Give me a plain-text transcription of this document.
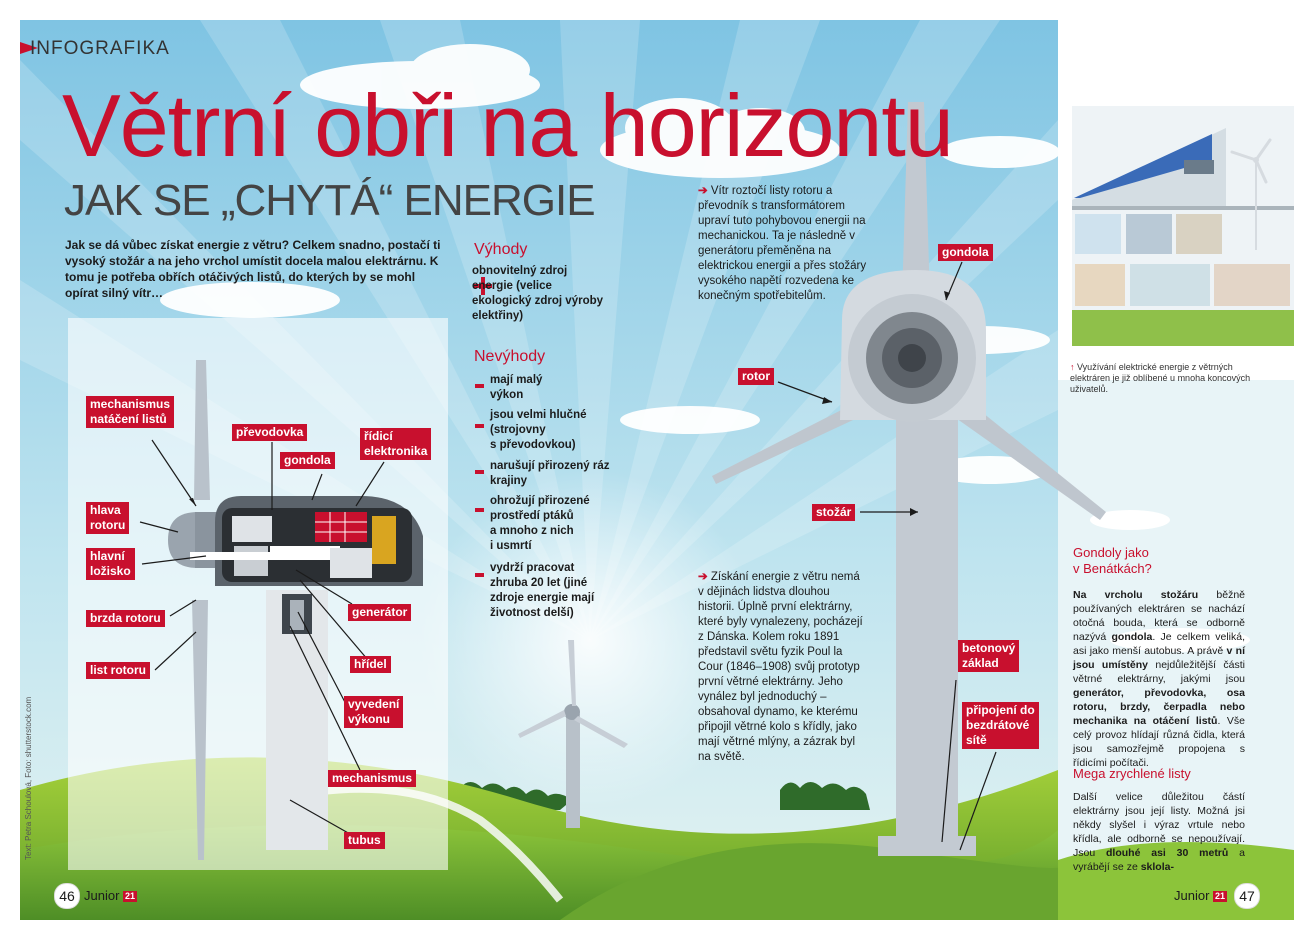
INFOGRAFIKA
Větrní obři na horizontu
JAK SE „CHYTÁ“ ENERGIE
Jak se dá vůbec získat energie z větru? Celkem snadno, postačí ti vysoký stožár a na jeho vrchol umístit docela malou elektrárnu. K tomu je potřeba obřích otáčivých listů, do kterých by se mohl opírat silný vítr…
Výhody
obnovitelný zdroj
energie (velice
ekologický zdroj výroby
elektřiny)
Nevýhody
mají malý
výkon
jsou velmi hlučné
(strojovny
s převodovkou)
narušují přirozený ráz
krajiny
ohrožují přirozené
prostředí ptáků
a mnoho z nich
i usmrtí
vydrží pracovat
zhruba 20 let (jiné
zdroje energie mají
životnost delší)
➔ Vítr roztočí listy rotoru a převodník s transformátorem upraví tuto pohybovou energii na mechanickou. Ta je následně v generátoru přeměněna na elektrickou energii a přes stožáry vysokého napětí rozvedena ke konečným spotřebitelům.
➔ Získání energie z větru nemá v dějinách lidstva dlouhou historii. Úplně první elektrárny, které byly vynalezeny, pocházejí z Dánska. Kolem roku 1891 představil světu fyzik Poul la Cour (1846–1908) svůj prototyp první větrné elektrárny. Jeho vynález byl jednoduchý – obsahoval dynamo, ke kterému připojil větrné kolo s křídly, jako mají větrné mlýny, a zázrak byl na světě.
mechanismus
natáčení listů
převodovka	řídicí
elektronika
gondola
hlava
rotoru
hlavní
ložisko
brzda rotoru	generátor
list rotoru	hřídel
vyvedení
výkonu
mechanismus
tubus
gondola
rotor
stožár
betonový
základ
připojení do
bezdrátové
sítě
↑ Využívání elektrické energie z větrných elektráren je již oblíbené u mnoha koncových uživatelů.
Gondoly jako
v Benátkách?
Na vrcholu stožáru běžně používaných elektráren se nachází otočná bouda, která se odborně nazývá gondola. Je celkem veliká, asi jako menší autobus. A právě v ní jsou umístěny nejdůležitější části větrné elektrárny, jakými jsou generátor, převodovka, osa rotoru, brzdy, čerpadla nebo mechanika na otáčení listů. Vše celý provoz hlídají různá čidla, která jsou samozřejmě propojena s řídicími počítači.
Mega zrychlené listy
Další velice důležitou částí elektrárny jsou její listy. Možná jsi někdy slyšel i výraz vrtule nebo křídla, ale odborně se nepoužívají. Jsou dlouhé asi 30 metrů a vyrábějí se ze sklola-
Text: Petra Schoulová, Foto: shutterstock.com
46 Junior 21	Junior 21	47
